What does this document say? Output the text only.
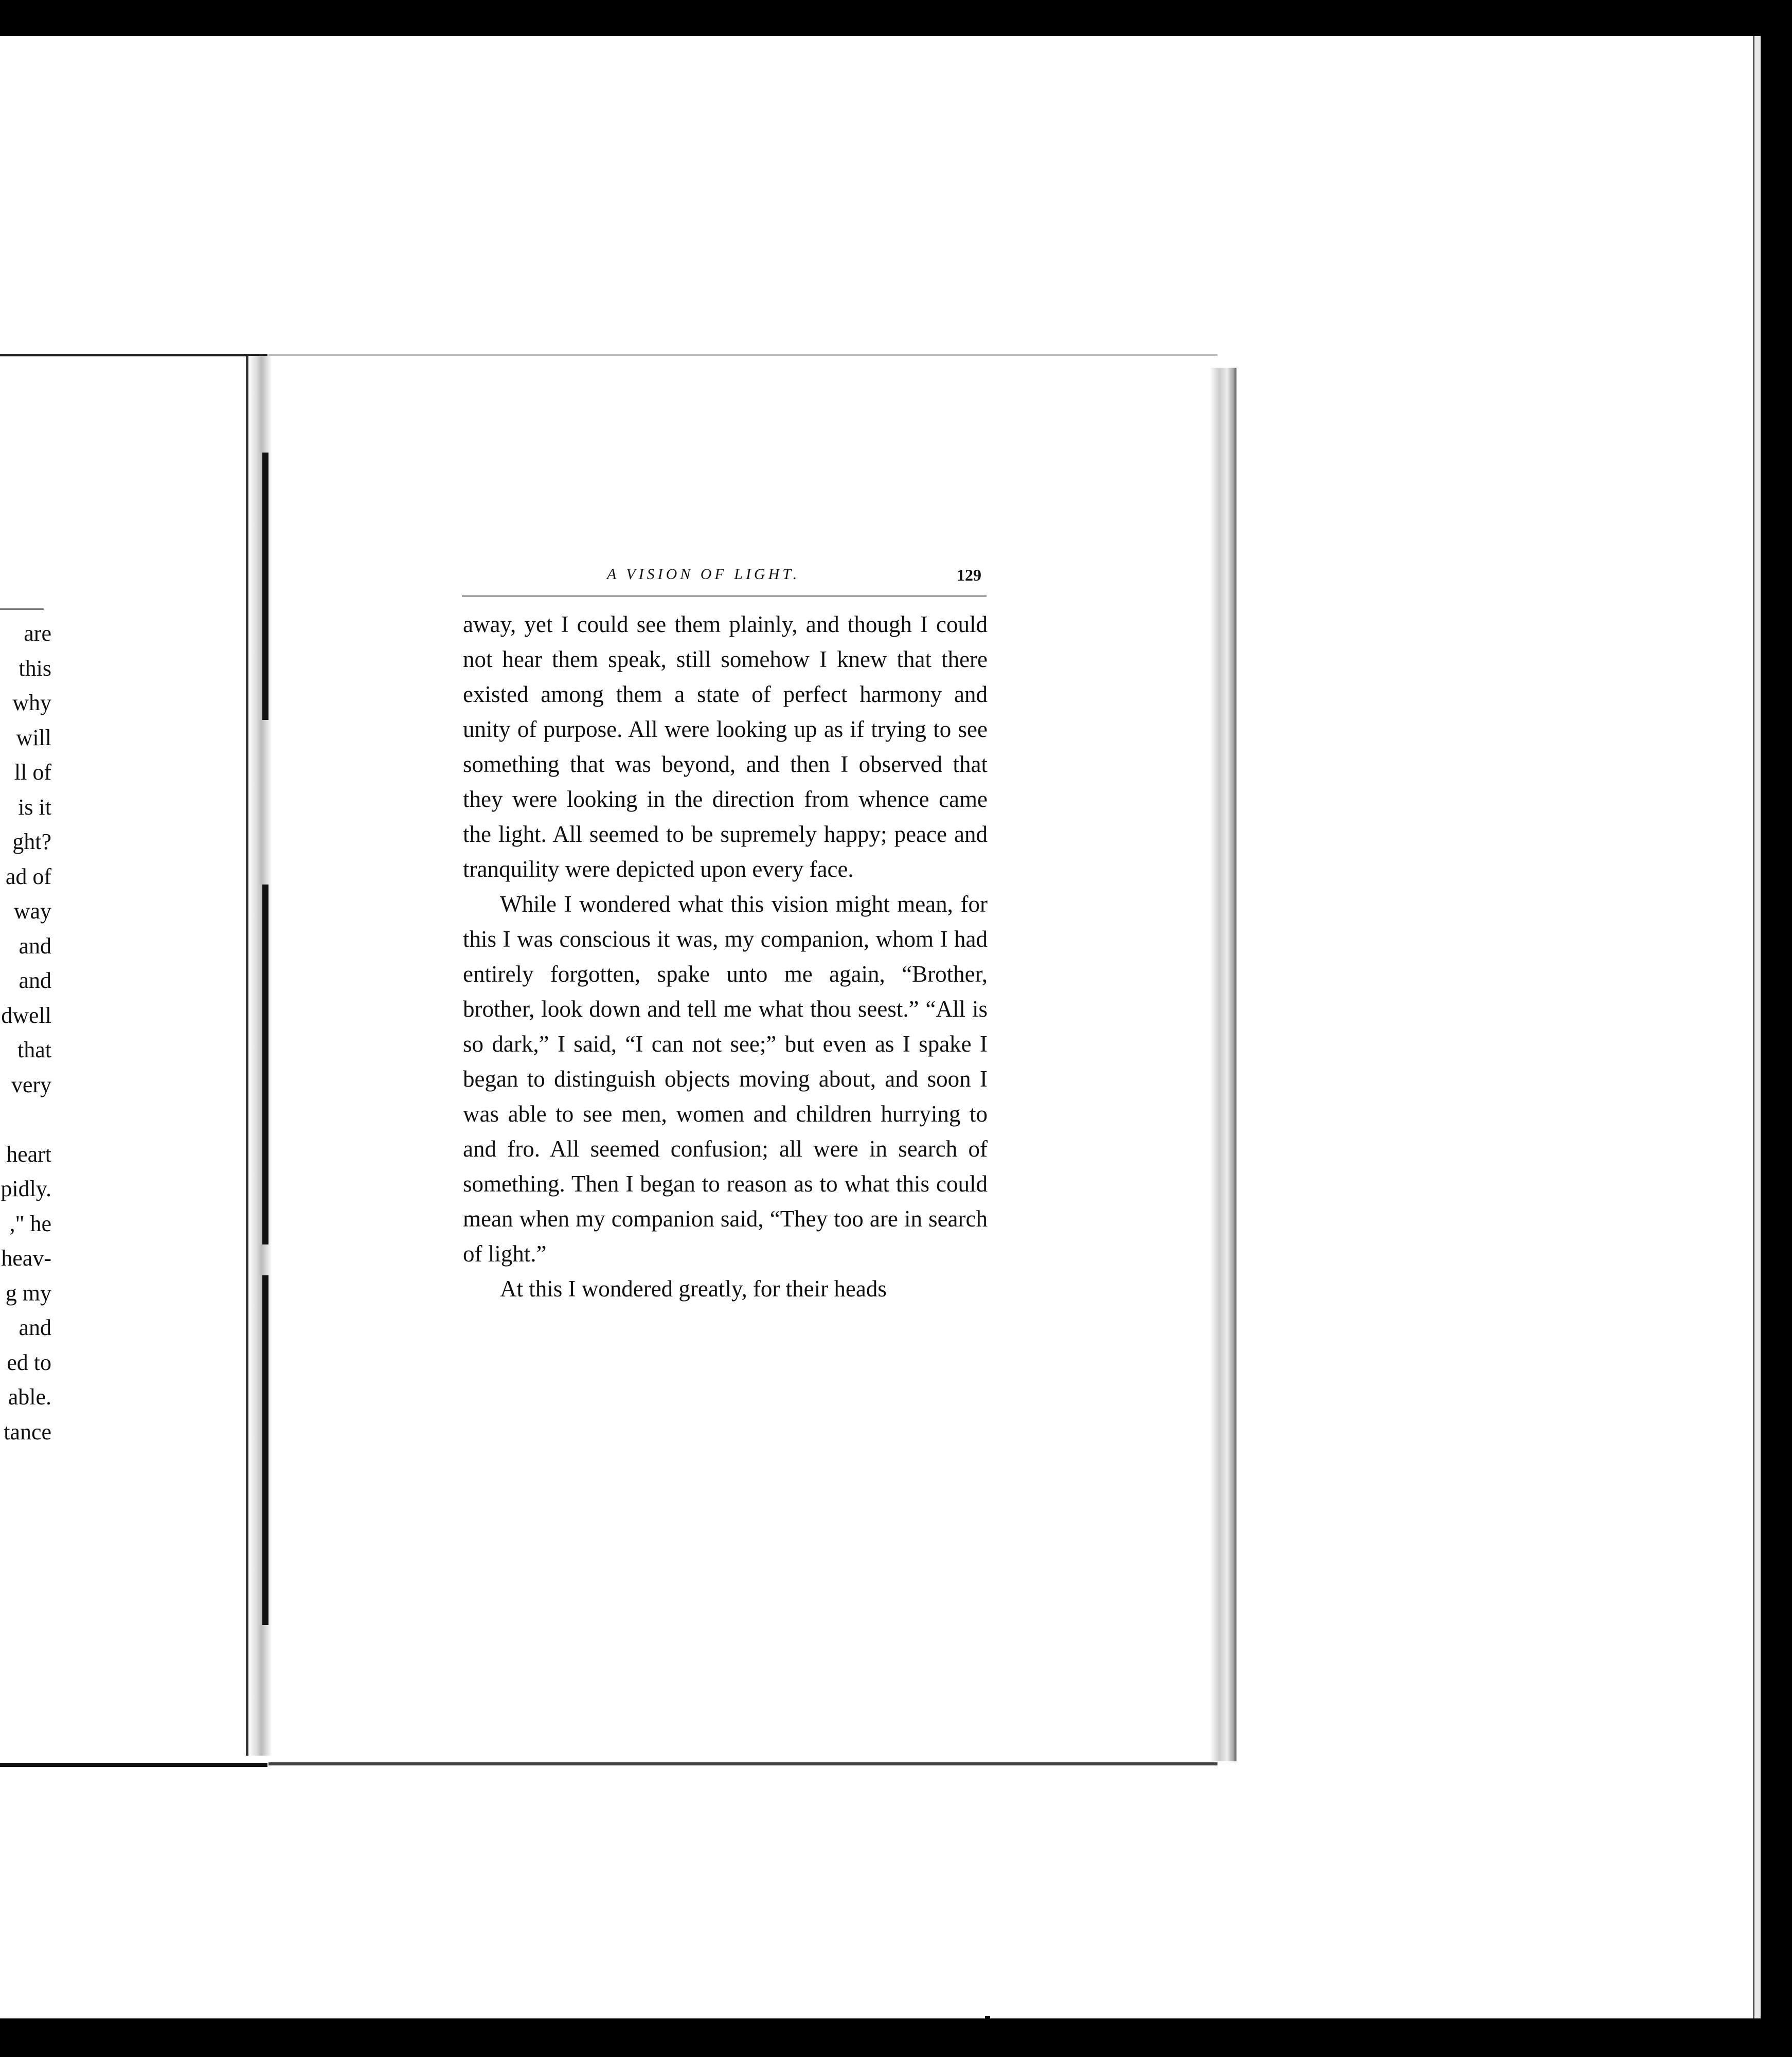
are
this
why
will
ll of
is it
ght?
ad of
way
and
and
dwell
that
very
heart
pidly.
," he
heav-
g my
and
ed to
able.
tance
A VISION OF LIGHT.	129

away, yet I could see them plainly, and though I could not hear them speak, still somehow I knew that there existed among them a state of perfect harmony and unity of purpose. All were looking up as if trying to see something that was beyond, and then I observed that they were looking in the direction from whence came the light. All seemed to be supremely happy; peace and tranquility were depicted upon every face.

While I wondered what this vision might mean, for this I was conscious it was, my companion, whom I had entirely forgotten, spake unto me again, “Brother, brother, look down and tell me what thou seest.” “All is so dark,” I said, “I can not see;” but even as I spake I began to distinguish objects moving about, and soon I was able to see men, women and children hurrying to and fro. All seemed confusion; all were in search of something. Then I began to reason as to what this could mean when my companion said, “They too are in search of light.”

At this I wondered greatly, for their heads
